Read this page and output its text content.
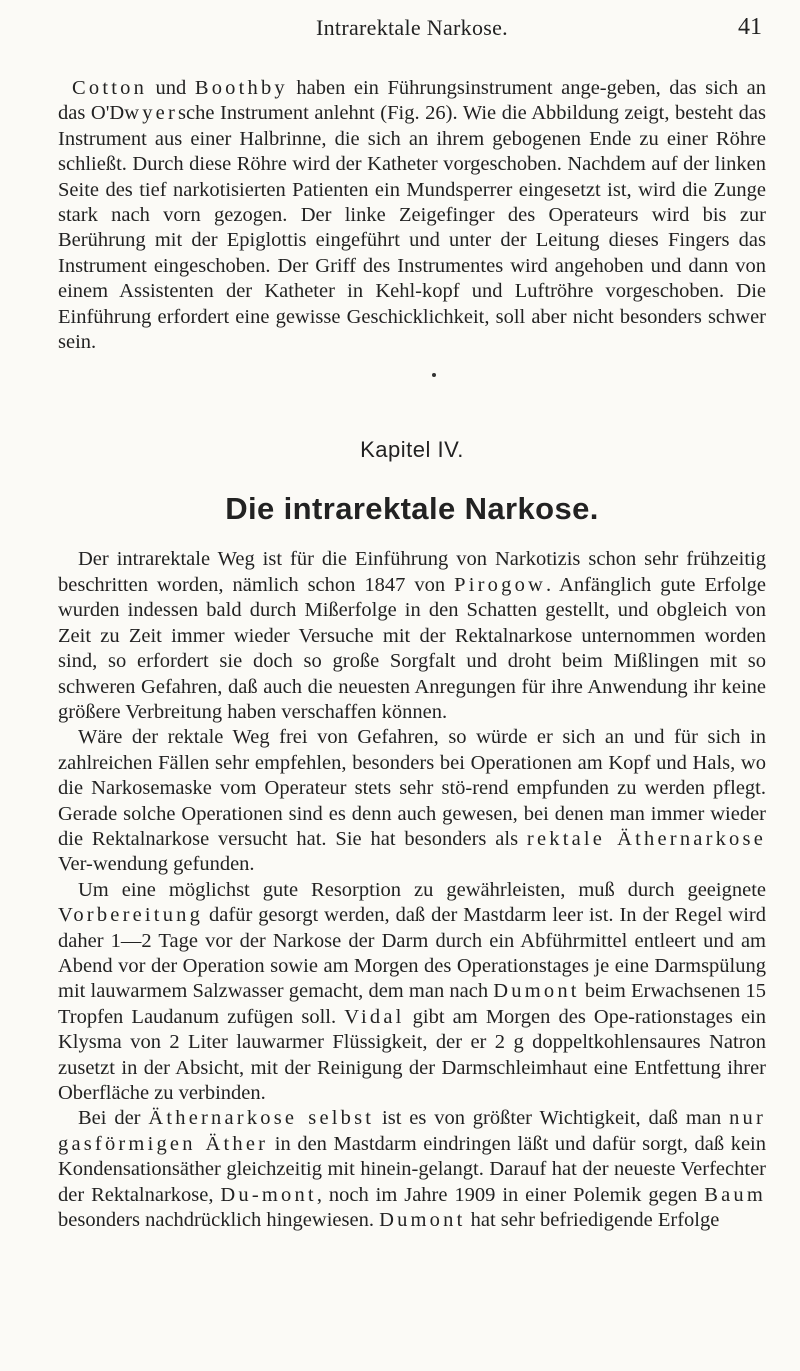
Intrarektale Narkose.	41

Cotton und Boothby haben ein Führungsinstrument ange-geben, das sich an das O'Dwyersche Instrument anlehnt (Fig. 26). Wie die Abbildung zeigt, besteht das Instrument aus einer Halbrinne, die sich an ihrem gebogenen Ende zu einer Röhre schließt. Durch diese Röhre wird der Katheter vorgeschoben. Nachdem auf der linken Seite des tief narkotisierten Patienten ein Mundsperrer eingesetzt ist, wird die Zunge stark nach vorn gezogen. Der linke Zeigefinger des Operateurs wird bis zur Berührung mit der Epiglottis eingeführt und unter der Leitung dieses Fingers das Instrument eingeschoben. Der Griff des Instrumentes wird angehoben und dann von einem Assistenten der Katheter in Kehl-kopf und Luftröhre vorgeschoben. Die Einführung erfordert eine gewisse Geschicklichkeit, soll aber nicht besonders schwer sein.

Kapitel IV.
Die intrarektale Narkose.

Der intrarektale Weg ist für die Einführung von Narkotizis schon sehr frühzeitig beschritten worden, nämlich schon 1847 von Pirogow. Anfänglich gute Erfolge wurden indessen bald durch Mißerfolge in den Schatten gestellt, und obgleich von Zeit zu Zeit immer wieder Versuche mit der Rektalnarkose unternommen worden sind, so erfordert sie doch so große Sorgfalt und droht beim Mißlingen mit so schweren Gefahren, daß auch die neuesten Anregungen für ihre Anwendung ihr keine größere Verbreitung haben verschaffen können.

Wäre der rektale Weg frei von Gefahren, so würde er sich an und für sich in zahlreichen Fällen sehr empfehlen, besonders bei Operationen am Kopf und Hals, wo die Narkosemaske vom Operateur stets sehr stö-rend empfunden zu werden pflegt. Gerade solche Operationen sind es denn auch gewesen, bei denen man immer wieder die Rektalnarkose versucht hat. Sie hat besonders als rektale Äthernarkose Ver-wendung gefunden.

Um eine möglichst gute Resorption zu gewährleisten, muß durch geeignete Vorbereitung dafür gesorgt werden, daß der Mastdarm leer ist. In der Regel wird daher 1—2 Tage vor der Narkose der Darm durch ein Abführmittel entleert und am Abend vor der Operation sowie am Morgen des Operationstages je eine Darmspülung mit lauwarmem Salzwasser gemacht, dem man nach Dumont beim Erwachsenen 15 Tropfen Laudanum zufügen soll. Vidal gibt am Morgen des Ope-rationstages ein Klysma von 2 Liter lauwarmer Flüssigkeit, der er 2 g doppeltkohlensaures Natron zusetzt in der Absicht, mit der Reinigung der Darmschleimhaut eine Entfettung ihrer Oberfläche zu verbinden.

Bei der Äthernarkose selbst ist es von größter Wichtigkeit, daß man nur gasförmigen Äther in den Mastdarm eindringen läßt und dafür sorgt, daß kein Kondensationsäther gleichzeitig mit hinein-gelangt. Darauf hat der neueste Verfechter der Rektalnarkose, Du-mont, noch im Jahre 1909 in einer Polemik gegen Baum besonders nachdrücklich hingewiesen. Dumont hat sehr befriedigende Erfolge
